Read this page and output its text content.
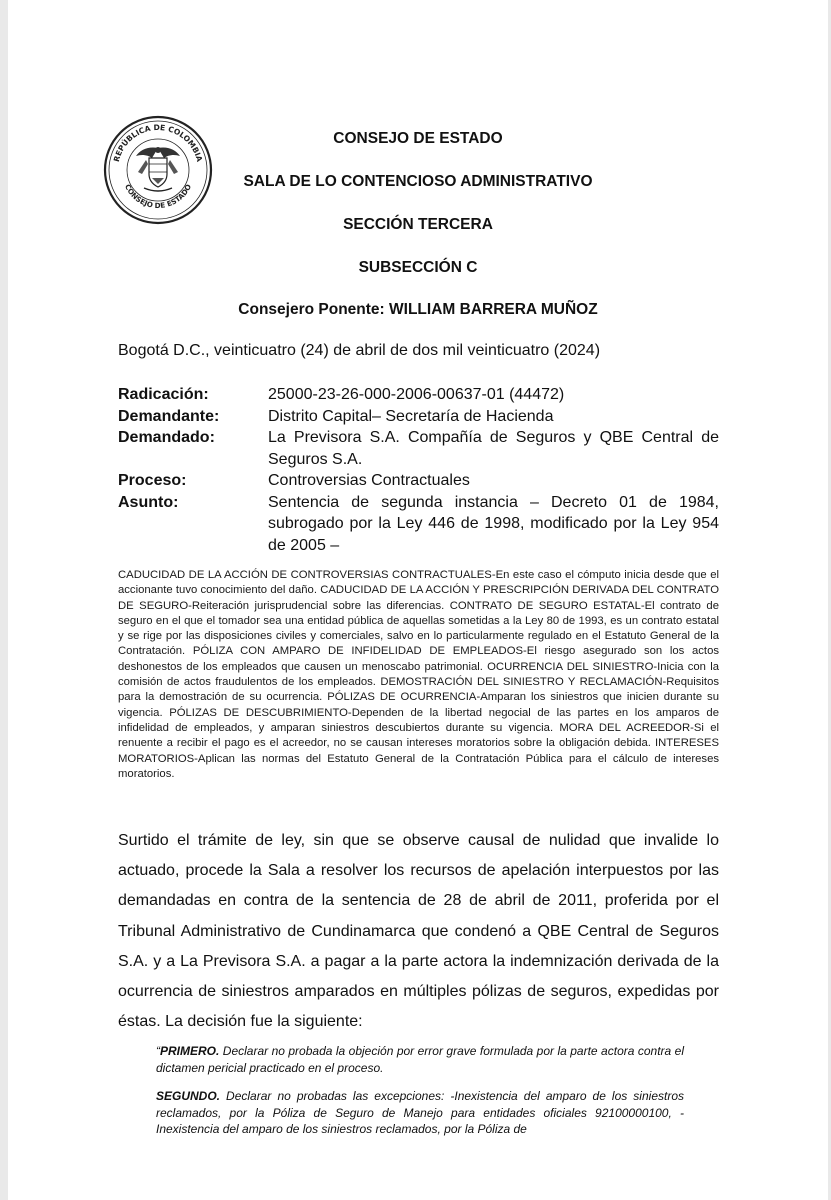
REPÚBLICA DE COLOMBIA
CONSEJO DE ESTADO
CONSEJO DE ESTADO
SALA DE LO CONTENCIOSO ADMINISTRATIVO
SECCIÓN TERCERA
SUBSECCIÓN C
Consejero Ponente: WILLIAM BARRERA MUÑOZ
Bogotá D.C., veinticuatro (24) de abril de dos mil veinticuatro (2024)
Radicación:	25000-23-26-000-2006-00637-01 (44472)
Demandante:	Distrito Capital– Secretaría de Hacienda
Demandado:	La Previsora S.A. Compañía de Seguros y QBE Central de Seguros S.A.
Proceso:	Controversias Contractuales
Asunto:	Sentencia de segunda instancia – Decreto 01 de 1984, subrogado por la Ley 446 de 1998, modificado por la Ley 954 de 2005 –
CADUCIDAD DE LA ACCIÓN DE CONTROVERSIAS CONTRACTUALES-En este caso el cómputo inicia desde que el accionante tuvo conocimiento del daño. CADUCIDAD DE LA ACCIÓN Y PRESCRIPCIÓN DERIVADA DEL CONTRATO DE SEGURO-Reiteración jurisprudencial sobre las diferencias. CONTRATO DE SEGURO ESTATAL-El contrato de seguro en el que el tomador sea una entidad pública de aquellas sometidas a la Ley 80 de 1993, es un contrato estatal y se rige por las disposiciones civiles y comerciales, salvo en lo particularmente regulado en el Estatuto General de la Contratación. PÓLIZA CON AMPARO DE INFIDELIDAD DE EMPLEADOS-El riesgo asegurado son los actos deshonestos de los empleados que causen un menoscabo patrimonial. OCURRENCIA DEL SINIESTRO-Inicia con la comisión de actos fraudulentos de los empleados. DEMOSTRACIÓN DEL SINIESTRO Y RECLAMACIÓN-Requisitos para la demostración de su ocurrencia. PÓLIZAS DE OCURRENCIA-Amparan los siniestros que inicien durante su vigencia. PÓLIZAS DE DESCUBRIMIENTO-Dependen de la libertad negocial de las partes en los amparos de infidelidad de empleados, y amparan siniestros descubiertos durante su vigencia. MORA DEL ACREEDOR-Si el renuente a recibir el pago es el acreedor, no se causan intereses moratorios sobre la obligación debida. INTERESES MORATORIOS-Aplican las normas del Estatuto General de la Contratación Pública para el cálculo de intereses moratorios.
Surtido el trámite de ley, sin que se observe causal de nulidad que invalide lo actuado, procede la Sala a resolver los recursos de apelación interpuestos por las demandadas en contra de la sentencia de 28 de abril de 2011, proferida por el Tribunal Administrativo de Cundinamarca que condenó a QBE Central de Seguros S.A. y a La Previsora S.A. a pagar a la parte actora la indemnización derivada de la ocurrencia de siniestros amparados en múltiples pólizas de seguros, expedidas por éstas. La decisión fue la siguiente:
“PRIMERO. Declarar no probada la objeción por error grave formulada por la parte actora contra el dictamen pericial practicado en el proceso.
SEGUNDO. Declarar no probadas las excepciones: -Inexistencia del amparo de los siniestros reclamados, por la Póliza de Seguro de Manejo para entidades oficiales 92100000100, - Inexistencia del amparo de los siniestros reclamados, por la Póliza de
